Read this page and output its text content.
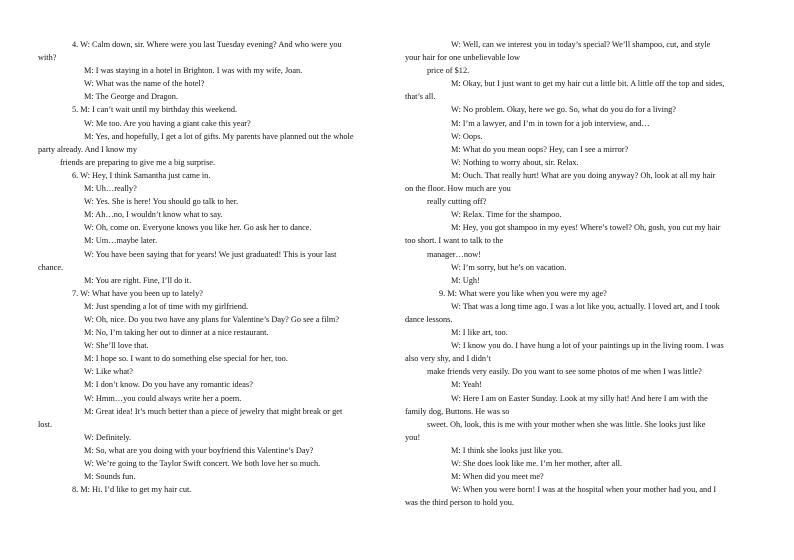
4. W: Calm down, sir. Where were you last Tuesday evening? And who were you
with?
M: I was staying in a hotel in Brighton. I was with my wife, Joan.
W: What was the name of the hotel?
M: The George and Dragon.
5. M: I can’t wait until my birthday this weekend.
W: Me too. Are you having a giant cake this year?
M: Yes, and hopefully, I get a lot of gifts. My parents have planned out the whole
party already. And I know my
friends are preparing to give me a big surprise.
6. W: Hey, I think Samantha just came in.
M: Uh…really?
W: Yes. She is here! You should go talk to her.
M: Ah…no, I wouldn’t know what to say.
W: Oh, come on. Everyone knows you like her. Go ask her to dance.
M: Um…maybe later.
W: You have been saying that for years! We just graduated! This is your last
chance.
M: You are right. Fine, I’ll do it.
7. W: What have you been up to lately?
M: Just spending a lot of time with my girlfriend.
W: Oh, nice. Do you two have any plans for Valentine’s Day? Go see a film?
M: No, I’m taking her out to dinner at a nice restaurant.
W: She’ll love that.
M: I hope so. I want to do something else special for her, too.
W: Like what?
M: I don’t know. Do you have any romantic ideas?
W: Hmm…you could always write her a poem.
M: Great idea! It’s much better than a piece of jewelry that might break or get
lost.
W: Definitely.
M: So, what are you doing with your boyfriend this Valentine’s Day?
W: We’re going to the Taylor Swift concert. We both love her so much.
M: Sounds fun.
8. M: Hi. I’d like to get my hair cut.
W: Well, can we interest you in today’s special? We’ll shampoo, cut, and style
your hair for one unbelievable low
price of $12.
M: Okay, but I just want to get my hair cut a little bit. A little off the top and sides,
that’s all.
W: No problem. Okay, here we go. So, what do you do for a living?
M: I’m a lawyer, and I’m in town for a job interview, and…
W: Oops.
M: What do you mean oops? Hey, can I see a mirror?
W: Nothing to worry about, sir. Relax.
M: Ouch. That really hurt! What are you doing anyway? Oh, look at all my hair
on the floor. How much are you
really cutting off?
W: Relax. Time for the shampoo.
M: Hey, you got shampoo in my eyes! Where’s towel? Oh, gosh, you cut my hair
too short. I want to talk to the
manager…now!
W: I’m sorry, but he’s on vacation.
M: Ugh!
9. M: What were you like when you were my age?
W: That was a long time ago. I was a lot like you, actually. I loved art, and I took
dance lessons.
M: I like art, too.
W: I know you do. I have hung a lot of your paintings up in the living room. I was
also very shy, and I didn’t
make friends very easily. Do you want to see some photos of me when I was little?
M: Yeah!
W: Here I am on Easter Sunday. Look at my silly hat! And here I am with the
family dog, Buttons. He was so
sweet. Oh, look, this is me with your mother when she was little. She looks just like
you!
M: I think she looks just like you.
W: She does look like me. I’m her mother, after all.
M: When did you meet me?
W: When you were born! I was at the hospital when your mother had you, and I
was the third person to hold you.
